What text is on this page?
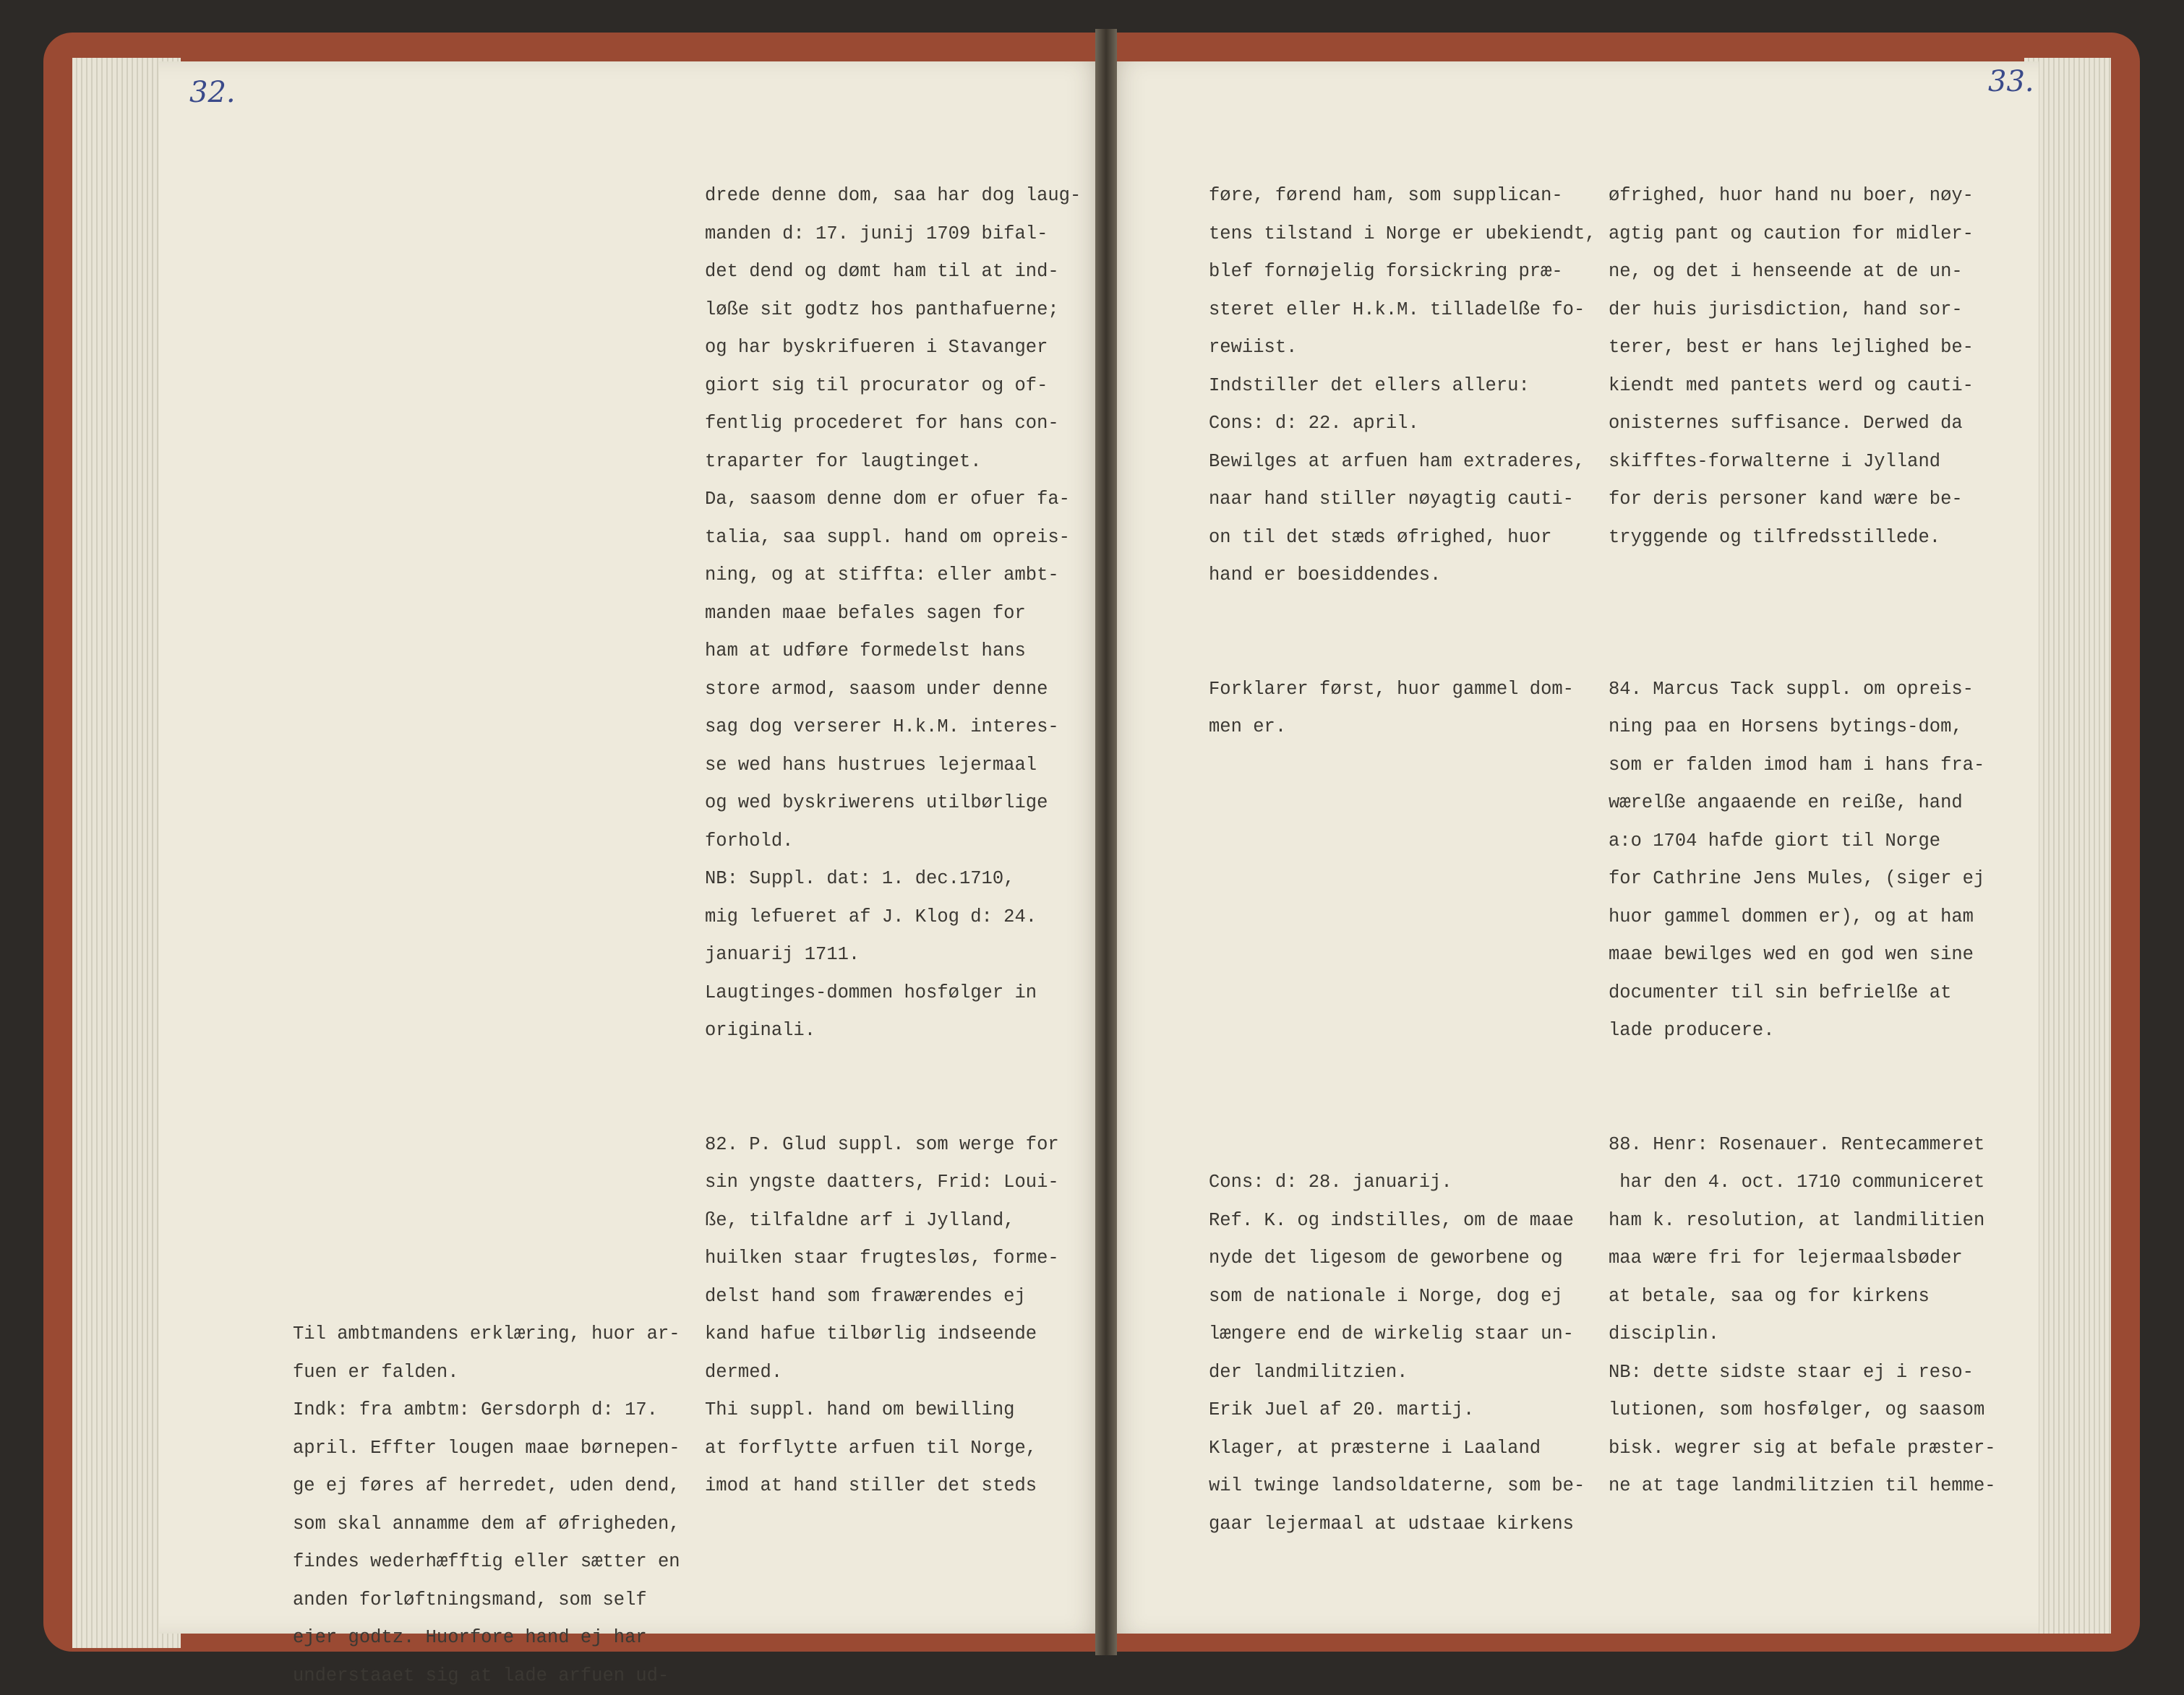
32.	33.

Til ambtmandens erklæring, huor ar-

fuen er falden.

Indk: fra ambtm: Gersdorph d: 17.

april. Effter lougen maae børnepen-

ge ej føres af herredet, uden dend,

som skal annamme dem af øfrigheden,

findes wederhæfftig eller sætter en

anden forløftningsmand, som self

ejer godtz. Huorfore hand ej har

understaaet sig at lade arfuen ud-

drede denne dom, saa har dog laug-

manden d: 17. junij 1709 bifal-

det dend og dømt ham til at ind-

løße sit godtz hos panthafuerne;

og har byskrifueren i Stavanger

giort sig til procurator og of-

fentlig procederet for hans con-

traparter for laugtinget.

Da, saasom denne dom er ofuer fa-

talia, saa suppl. hand om opreis-

ning, og at stiffta: eller ambt-

manden maae befales sagen for

ham at udføre formedelst hans

store armod, saasom under denne

sag dog verserer H.k.M. interes-

se wed hans hustrues lejermaal

og wed byskriwerens utilbørlige

forhold.

NB: Suppl. dat: 1. dec.1710,

mig lefueret af J. Klog d: 24.

januarij 1711.

Laugtinges-dommen hosfølger in

originali.

82. P. Glud suppl. som werge for

sin yngste daatters, Frid: Loui-

ße, tilfaldne arf i Jylland,

huilken staar frugtesløs, forme-

delst hand som frawærendes ej

kand hafue tilbørlig indseende

dermed.

Thi suppl. hand om bewilling

at forflytte arfuen til Norge,

imod at hand stiller det steds

føre, førend ham, som supplican-

tens tilstand i Norge er ubekiendt,

blef fornøjelig forsickring præ-

steret eller H.k.M. tilladelße fo-

rewiist.

Indstiller det ellers alleru:

Cons: d: 22. april.

Bewilges at arfuen ham extraderes,

naar hand stiller nøyagtig cauti-

on til det stæds øfrighed, huor

hand er boesiddendes.

Forklarer først, huor gammel dom-

men er.

Cons: d: 28. januarij.

Ref. K. og indstilles, om de maae

nyde det ligesom de geworbene og

som de nationale i Norge, dog ej

længere end de wirkelig staar un-

der landmilitzien.

Erik Juel af 20. martij.

Klager, at præsterne i Laaland

wil twinge landsoldaterne, som be-

gaar lejermaal at udstaae kirkens

øfrighed, huor hand nu boer, nøy-

agtig pant og caution for midler-

ne, og det i henseende at de un-

der huis jurisdiction, hand sor-

terer, best er hans lejlighed be-

kiendt med pantets werd og cauti-

onisternes suffisance. Derwed da

skifftes-forwalterne i Jylland

for deris personer kand wære be-

tryggende og tilfredsstillede.

84. Marcus Tack suppl. om opreis-

ning paa en Horsens bytings-dom,

som er falden imod ham i hans fra-

wærelße angaaende en reiße, hand

a:o 1704 hafde giort til Norge

for Cathrine Jens Mules, (siger ej

huor gammel dommen er), og at ham

maae bewilges wed en god wen sine

documenter til sin befrielße at

lade producere.

88. Henr: Rosenauer. Rentecammeret

har den 4. oct. 1710 communiceret

ham k. resolution, at landmilitien

maa wære fri for lejermaalsbøder

at betale, saa og for kirkens

disciplin.

NB: dette sidste staar ej i reso-

lutionen, som hosfølger, og saasom

bisk. wegrer sig at befale præster-

ne at tage landmilitzien til hemme-
